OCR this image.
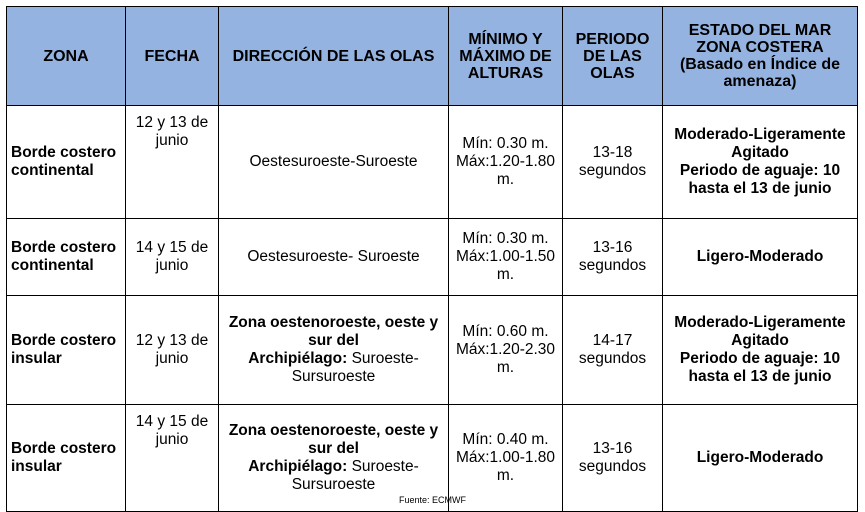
ZONA	FECHA	DIRECCIÓN DE LAS OLAS	MÍNIMO Y
MÁXIMO DE
ALTURAS	PERIODO
DE LAS
OLAS	ESTADO DEL MAR
ZONA COSTERA
(Basado en Índice de
amenaza)

Borde costero
continental	12 y 13 de
junio	Oestesuroeste-Suroeste	Mín: 0.30 m.
Máx:1.20-1.80
m.	13-18
segundos	Moderado-Ligeramente
Agitado
Periodo de aguaje: 10
hasta el 13 de junio

Borde costero
continental	14 y 15 de
junio	Oestesuroeste- Suroeste	Mín: 0.30 m.
Máx:1.00-1.50
m.	13-16
segundos	Ligero-Moderado

Borde costero
insular	12 y 13 de
junio	Zona oestenoroeste, oeste y
sur del
Archipiélago: Suroeste-
Sursuroeste	Mín: 0.60 m.
Máx:1.20-2.30
m.	14-17
segundos	Moderado-Ligeramente
Agitado
Periodo de aguaje: 10
hasta el 13 de junio

Borde costero
insular	14 y 15 de
junio	Zona oestenoroeste, oeste y
sur del
Archipiélago: Suroeste-
Sursuroeste	Mín: 0.40 m.
Máx:1.00-1.80
m.	13-16
segundos	Ligero-Moderado
Fuente: ECMWF
